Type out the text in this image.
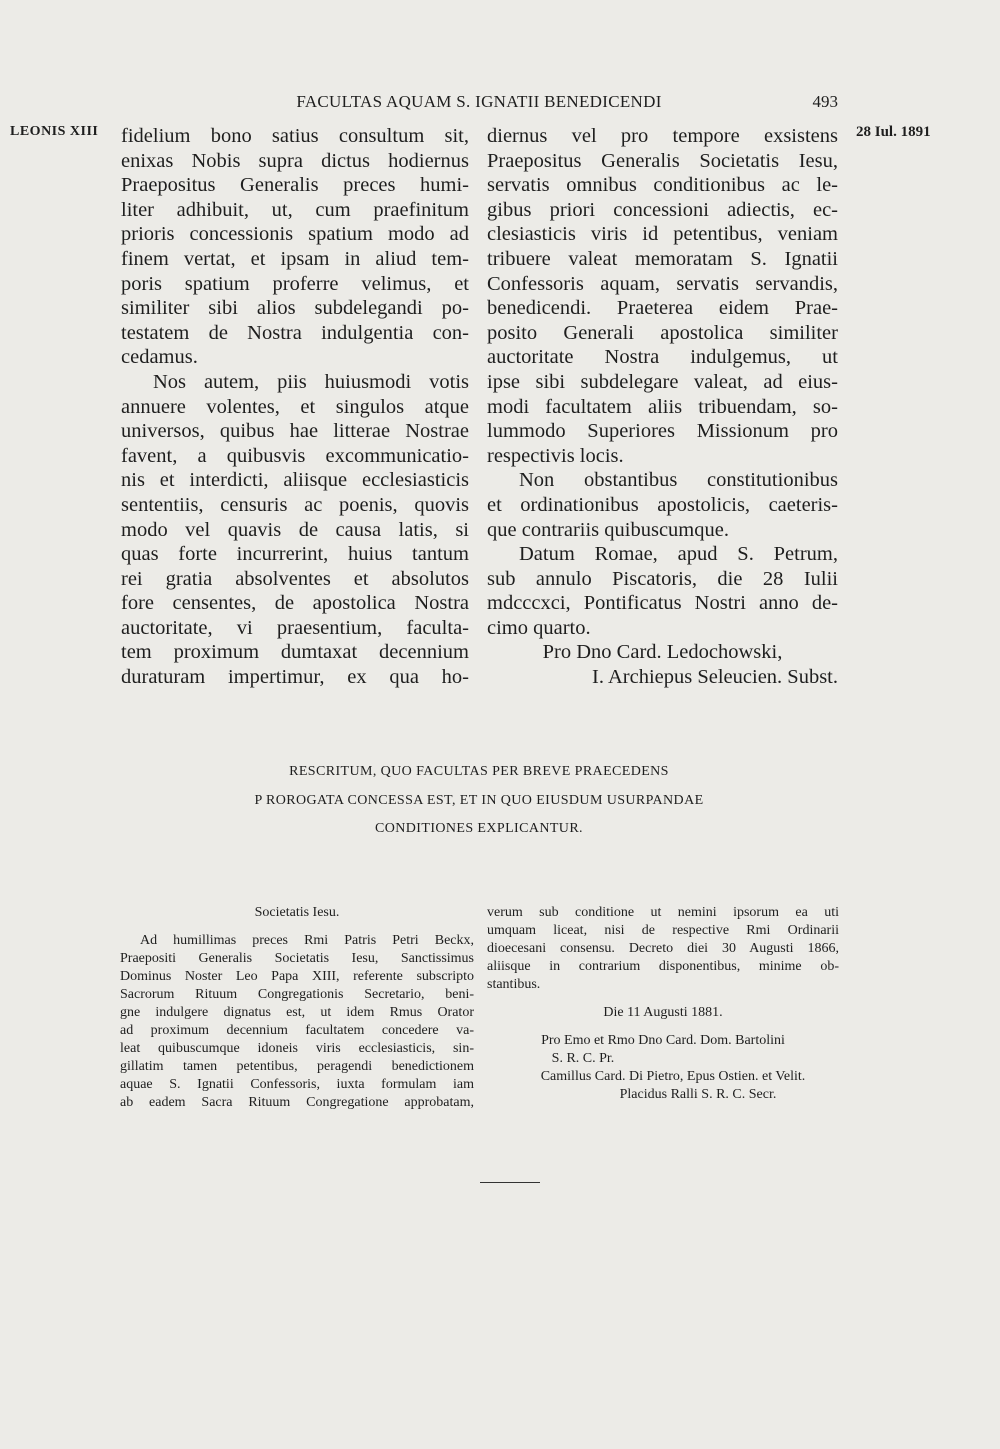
FACULTAS AQUAM S. IGNATII BENEDICENDI	493
LEONIS XIII	28 Iul. 1891
fidelium bono satius consultum sit,
enixas Nobis supra dictus hodiernus
Praepositus Generalis preces humi-
liter adhibuit, ut, cum praefinitum
prioris concessionis spatium modo ad
finem vertat, et ipsam in aliud tem-
poris spatium proferre velimus, et
similiter sibi alios subdelegandi po-
testatem de Nostra indulgentia con-
cedamus.
Nos autem, piis huiusmodi votis
annuere volentes, et singulos atque
universos, quibus hae litterae Nostrae
favent, a quibusvis excommunicatio-
nis et interdicti, aliisque ecclesiasticis
sententiis, censuris ac poenis, quovis
modo vel quavis de causa latis, si
quas forte incurrerint, huius tantum
rei gratia absolventes et absolutos
fore censentes, de apostolica Nostra
auctoritate, vi praesentium, faculta-
tem proximum dumtaxat decennium
duraturam impertimur, ex qua ho-
diernus vel pro tempore exsistens
Praepositus Generalis Societatis Iesu,
servatis omnibus conditionibus ac le-
gibus priori concessioni adiectis, ec-
clesiasticis viris id petentibus, veniam
tribuere valeat memoratam S. Ignatii
Confessoris aquam, servatis servandis,
benedicendi. Praeterea eidem Prae-
posito Generali apostolica similiter
auctoritate Nostra indulgemus, ut
ipse sibi subdelegare valeat, ad eius-
modi facultatem aliis tribuendam, so-
lummodo Superiores Missionum pro
respectivis locis.
Non obstantibus constitutionibus
et ordinationibus apostolicis, caeteris-
que contrariis quibuscumque.
Datum Romae, apud S. Petrum,
sub annulo Piscatoris, die 28 Iulii
mdcccxci, Pontificatus Nostri anno de-
cimo quarto.
Pro Dno Card. Ledochowski,
I. Archiepus Seleucien. Subst.
RESCRITUM, QUO FACULTAS PER BREVE PRAECEDENS
P ROROGATA CONCESSA EST, ET IN QUO EIUSDUM USURPANDAE
CONDITIONES EXPLICANTUR.
Societatis Iesu.
Ad humillimas preces Rmi Patris Petri Beckx,
Praepositi Generalis Societatis Iesu, Sanctissimus
Dominus Noster Leo Papa XIII, referente subscripto
Sacrorum Rituum Congregationis Secretario, beni-
gne indulgere dignatus est, ut idem Rmus Orator
ad proximum decennium facultatem concedere va-
leat quibuscumque idoneis viris ecclesiasticis, sin-
gillatim tamen petentibus, peragendi benedictionem
aquae S. Ignatii Confessoris, iuxta formulam iam
ab eadem Sacra Rituum Congregatione approbatam,
verum sub conditione ut nemini ipsorum ea uti
umquam liceat, nisi de respective Rmi Ordinarii
dioecesani consensu. Decreto diei 30 Augusti 1866,
aliisque in contrarium disponentibus, minime ob-
stantibus.
Die 11 Augusti 1881.
Pro Emo et Rmo Dno Card. Dom. Bartolini
S. R. C. Pr.
Camillus Card. Di Pietro, Epus Ostien. et Velit.
Placidus Ralli S. R. C. Secr.
